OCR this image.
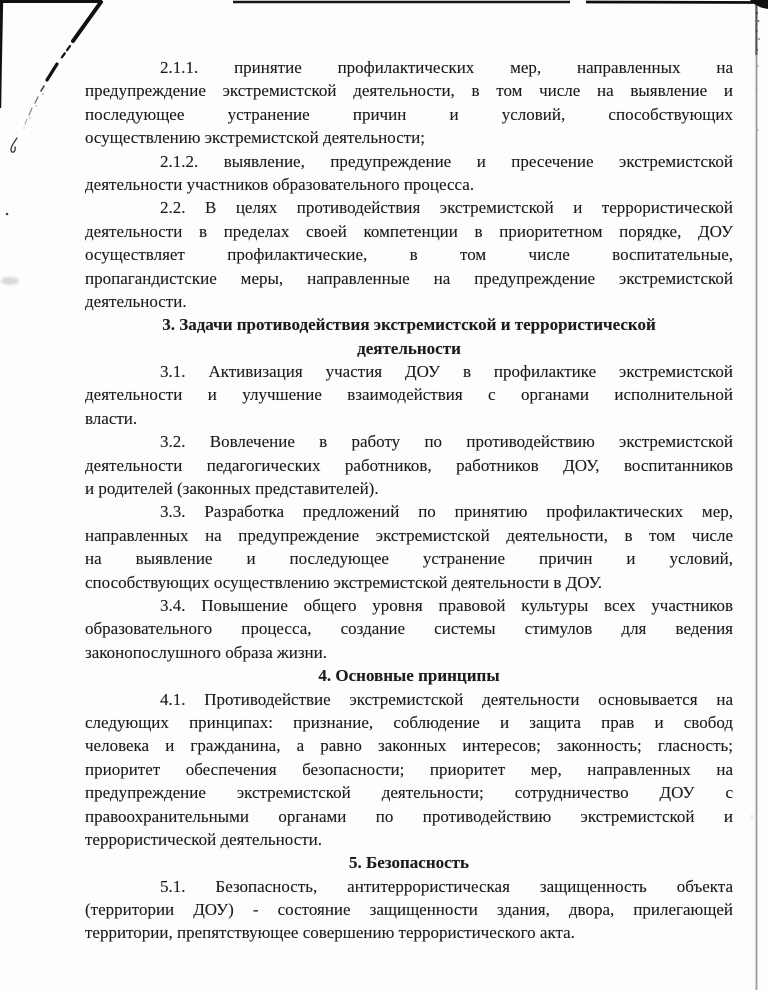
2.1.1. принятие профилактических мер, направленных на
предупреждение экстремистской деятельности, в том числе на выявление и
последующее устранение причин и условий, способствующих
осуществлению экстремистской деятельности;
2.1.2. выявление, предупреждение и пресечение экстремистской
деятельности участников образовательного процесса.
2.2. В целях противодействия экстремистской и террористической
деятельности в пределах своей компетенции в приоритетном порядке, ДОУ
осуществляет профилактические, в том числе воспитательные,
пропагандистские меры, направленные на предупреждение экстремистской
деятельности.
3. Задачи противодействия экстремистской и террористической
деятельности
3.1. Активизация участия ДОУ в профилактике экстремистской
деятельности и улучшение взаимодействия с органами исполнительной
власти.
3.2. Вовлечение в работу по противодействию экстремистской
деятельности педагогических работников, работников ДОУ, воспитанников
и родителей (законных представителей).
3.3. Разработка предложений по принятию профилактических мер,
направленных на предупреждение экстремистской деятельности, в том числе
на выявление и последующее устранение причин и условий,
способствующих осуществлению экстремистской деятельности в ДОУ.
3.4. Повышение общего уровня правовой культуры всех участников
образовательного процесса, создание системы стимулов для ведения
законопослушного образа жизни.
4. Основные принципы
4.1. Противодействие экстремистской деятельности основывается на
следующих принципах: признание, соблюдение и защита прав и свобод
человека и гражданина, а равно законных интересов; законность; гласность;
приоритет обеспечения безопасности; приоритет мер, направленных на
предупреждение экстремистской деятельности; сотрудничество ДОУ с
правоохранительными органами по противодействию экстремистской и
террористической деятельности.
5. Безопасность
5.1. Безопасность, антитеррористическая защищенность объекта
(территории ДОУ) - состояние защищенности здания, двора, прилегающей
территории, препятствующее совершению террористического акта.
